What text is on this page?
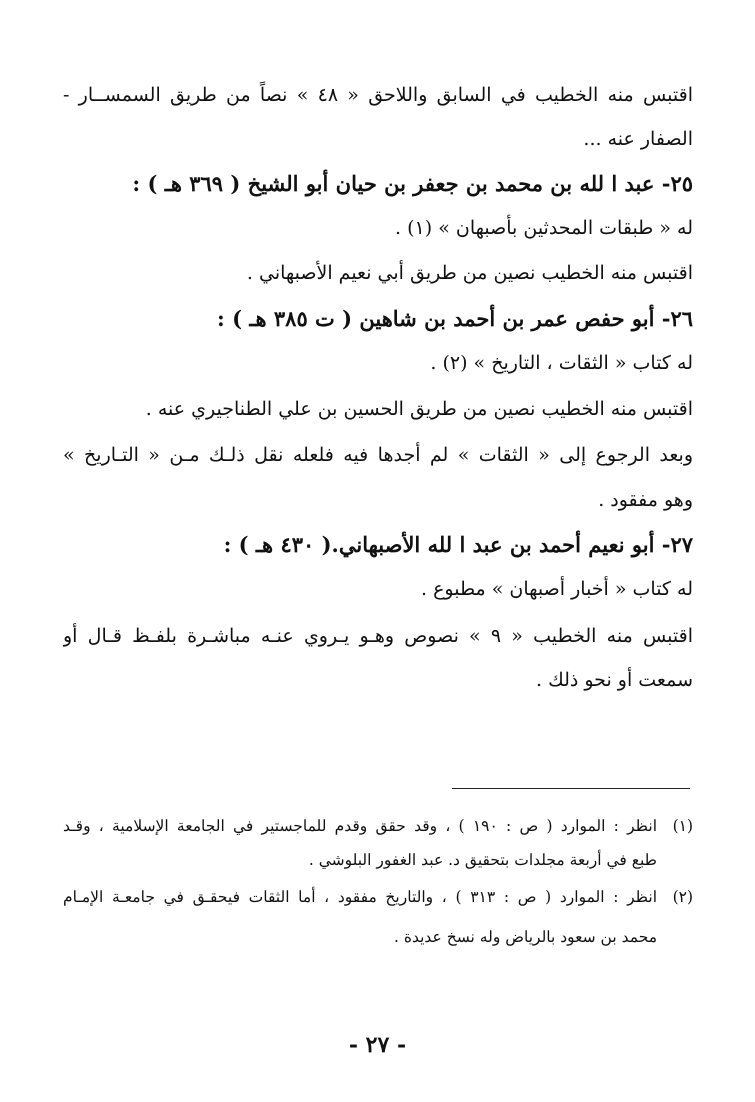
اقتبس منه الخطيب في السابق واللاحق « ٤٨ » نصاً من طريق السمســار -
الصفار عنه ...
٢٥- عبد ا لله بن محمد بن جعفر بن حيان أبو الشيخ ( ٣٦٩ هـ ) :
له « طبقات المحدثين بأصبهان » (١) .
اقتبس منه الخطيب نصين من طريق أبي نعيم الأصبهاني .
٢٦- أبو حفص عمر بن أحمد بن شاهين ( ت ٣٨٥ هـ ) :
له كتاب « الثقات ، التاريخ » (٢) .
اقتبس منه الخطيب نصين من طريق الحسين بن علي الطناجيري عنه .
وبعد الرجوع إلى « الثقات » لم أجدها فيه فلعله نقل ذلـك مـن « التـاريخ »
وهو مفقود .
٢٧- أبو نعيم أحمد بن عبد ا لله الأصبهاني.( ٤٣٠ هـ ) :
له كتاب « أخبار أصبهان » مطبوع .
اقتبس منه الخطيب « ٩ » نصوص وهـو يـروي عنـه مباشـرة بلفـظ قـال أو
سمعت أو نحو ذلك .
(١)انظر : الموارد ( ص : ١٩٠ ) ، وقد حقق وقدم للماجستير في الجامعة الإسلامية ، وقـد
طبع في أربعة مجلدات بتحقيق د. عبد الغفور البلوشي .
(٢)انظر : الموارد ( ص : ٣١٣ ) ، والتاريخ مفقود ، أما الثقات فيحقـق في جامعـة الإمـام
محمد بن سعود بالرياض وله نسخ عديدة .
- ٢٧ -
